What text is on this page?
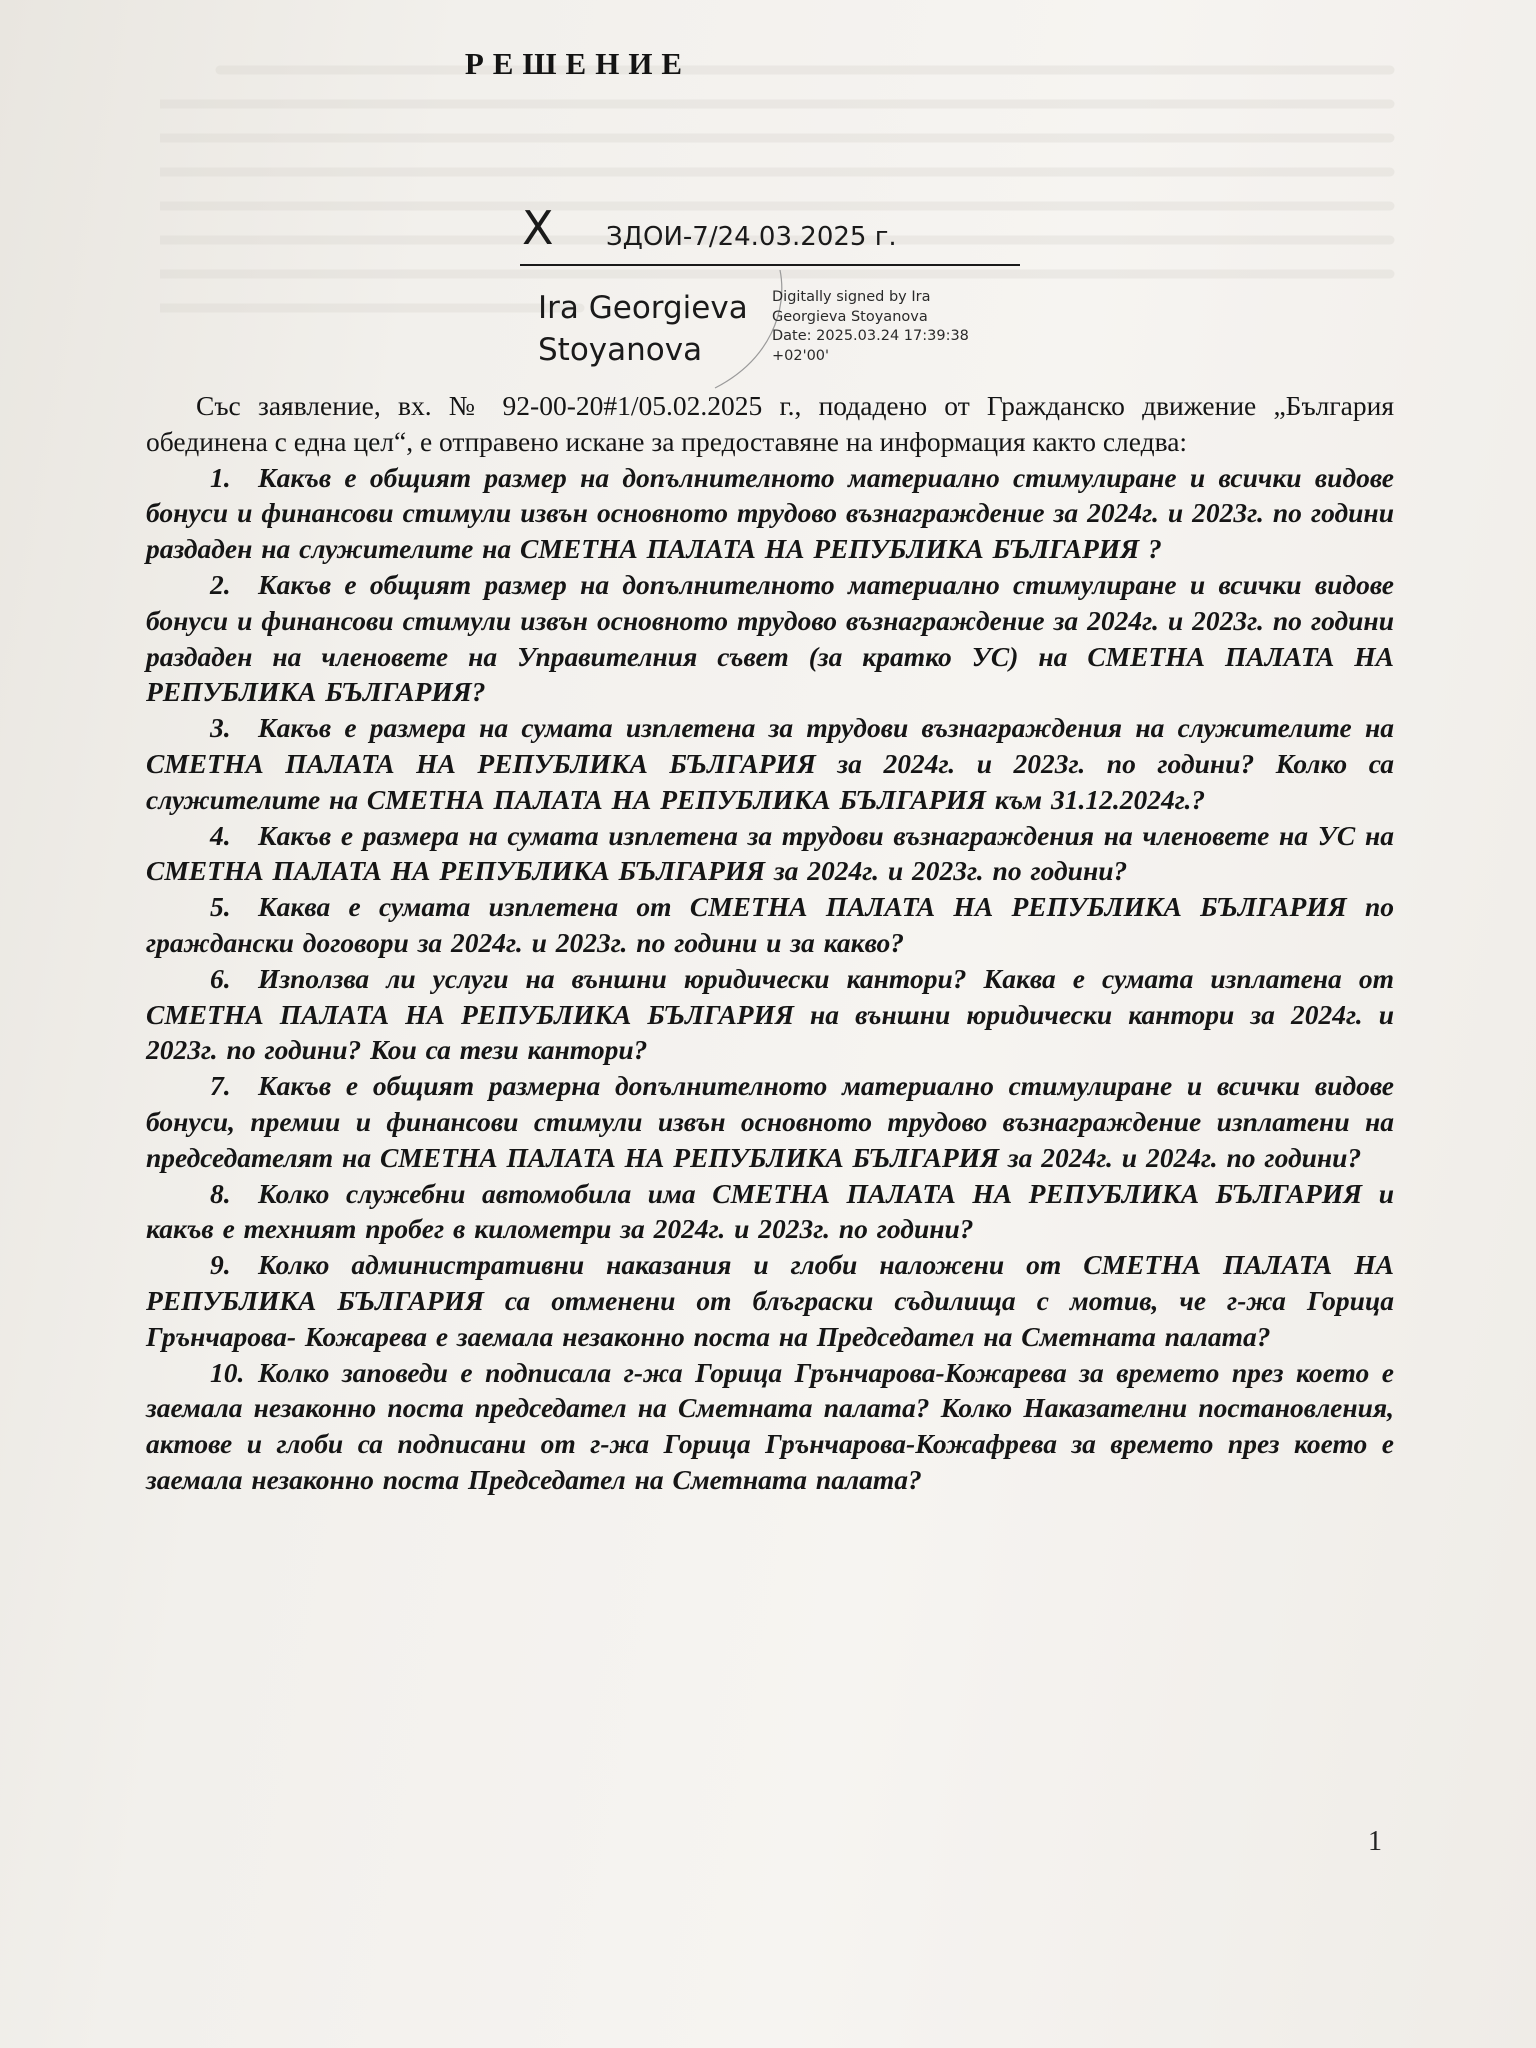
РЕШЕНИЕ
X ЗДОИ-7/24.03.2025 г.
Ira Georgieva
Stoyanova
Digitally signed by Ira
Georgieva Stoyanova
Date: 2025.03.24 17:39:38
+02'00'

Със заявление, вх. № 92-00-20#1/05.02.2025 г., подадено от Гражданско движение „България обединена с една цел“, е отправено искане за предоставяне на информация както следва:

1. Какъв е общият размер на допълнителното материално стимулиране и всички видове бонуси и финансови стимули извън основното трудово възнаграждение за 2024г. и 2023г. по години раздаден на служителите на СМЕТНА ПАЛАТА НА РЕПУБЛИКА БЪЛГАРИЯ ?

2. Какъв е общият размер на допълнителното материално стимулиране и всички видове бонуси и финансови стимули извън основното трудово възнаграждение за 2024г. и 2023г. по години раздаден на членовете на Управителния съвет (за кратко УС) на СМЕТНА ПАЛАТА НА РЕПУБЛИКА БЪЛГАРИЯ?

3. Какъв е размера на сумата изплетена за трудови възнаграждения на служителите на СМЕТНА ПАЛАТА НА РЕПУБЛИКА БЪЛГАРИЯ за 2024г. и 2023г. по години? Колко са служителите на СМЕТНА ПАЛАТА НА РЕПУБЛИКА БЪЛГАРИЯ към 31.12.2024г.?

4. Какъв е размера на сумата изплетена за трудови възнаграждения на членовете на УС на СМЕТНА ПАЛАТА НА РЕПУБЛИКА БЪЛГАРИЯ за 2024г. и 2023г. по години?

5. Каква е сумата изплетена от СМЕТНА ПАЛАТА НА РЕПУБЛИКА БЪЛГАРИЯ по граждански договори за 2024г. и 2023г. по години и за какво?

6. Използва ли услуги на външни юридически кантори? Каква е сумата изплатена от СМЕТНА ПАЛАТА НА РЕПУБЛИКА БЪЛГАРИЯ на външни юридически кантори за 2024г. и 2023г. по години? Кои са тези кантори?

7. Какъв е общият размерна допълнителното материално стимулиране и всички видове бонуси, премии и финансови стимули извън основното трудово възнаграждение изплатени на председателят на СМЕТНА ПАЛАТА НА РЕПУБЛИКА БЪЛГАРИЯ за 2024г. и 2024г. по години?

8. Колко служебни автомобила има СМЕТНА ПАЛАТА НА РЕПУБЛИКА БЪЛГАРИЯ и какъв е техният пробег в километри за 2024г. и 2023г. по години?

9. Колко административни наказания и глоби наложени от СМЕТНА ПАЛАТА НА РЕПУБЛИКА БЪЛГАРИЯ са отменени от блъграски съдилища с мотив, че г-жа Горица Грънчарова- Кожарева е заемала незаконно поста на Председател на Сметната палата?

10. Колко заповеди е подписала г-жа Горица Грънчарова-Кожарева за времето през което е заемала незаконно поста председател на Сметната палата? Колко Наказателни постановления, актове и глоби са подписани от г-жа Горица Грънчарова-Кожафрева за времето през което е заемала незаконно поста Председател на Сметната палата?

1
